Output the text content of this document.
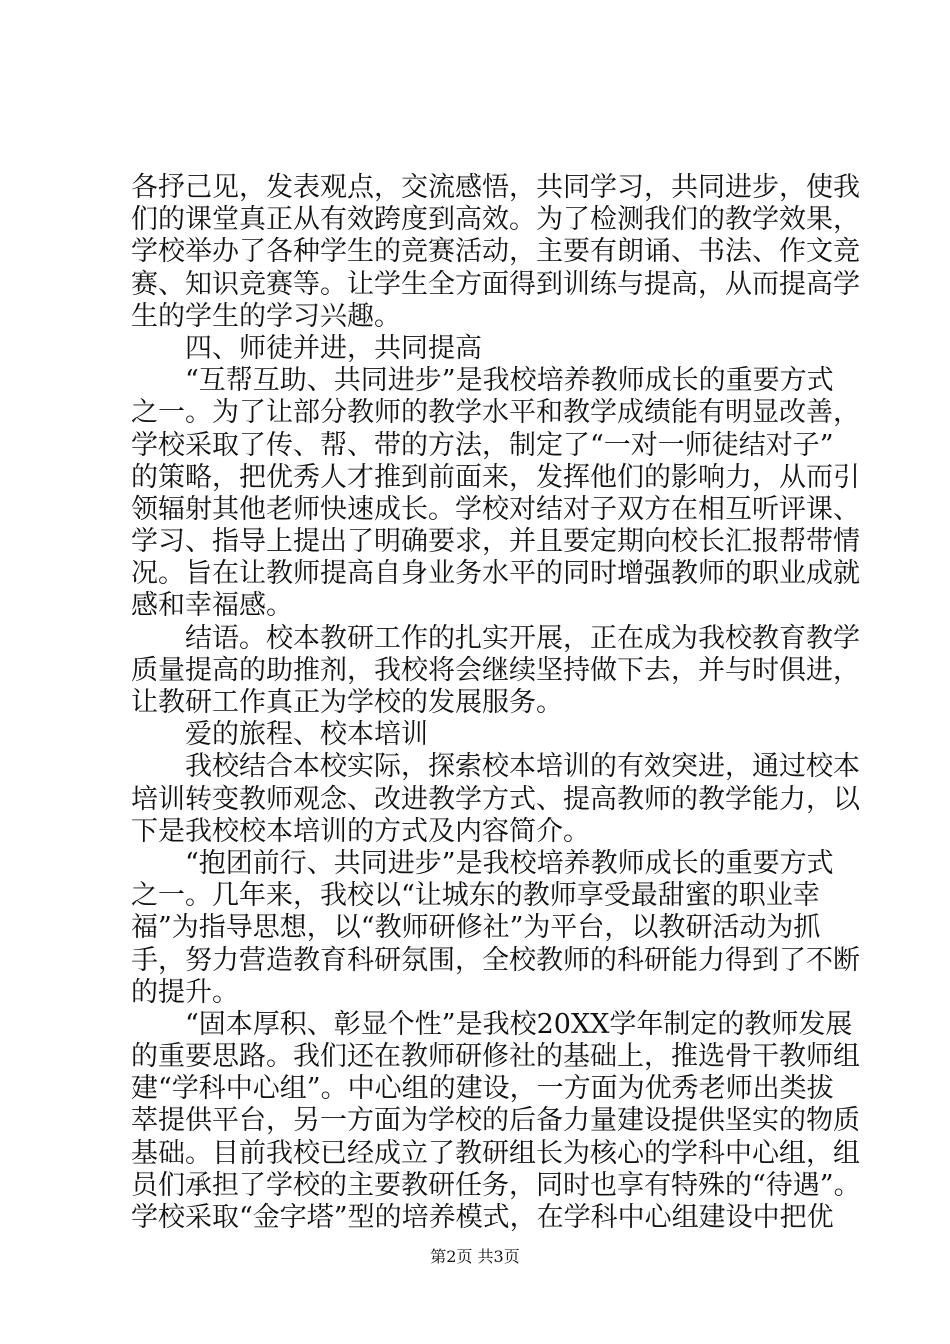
各抒己见，发表观点，交流感悟，共同学习，共同进步，使我
们的课堂真正从有效跨度到高效。为了检测我们的教学效果，
学校举办了各种学生的竞赛活动，主要有朗诵、书法、作文竞
赛、知识竞赛等。让学生全方面得到训练与提高，从而提高学
生的学生的学习兴趣。
　　四、师徒并进，共同提高
　　“互帮互助、共同进步”是我校培养教师成长的重要方式
之一。为了让部分教师的教学水平和教学成绩能有明显改善，
学校采取了传、帮、带的方法，制定了“一对一师徒结对子”
的策略，把优秀人才推到前面来，发挥他们的影响力，从而引
领辐射其他老师快速成长。学校对结对子双方在相互听评课、
学习、指导上提出了明确要求，并且要定期向校长汇报帮带情
况。旨在让教师提高自身业务水平的同时增强教师的职业成就
感和幸福感。
　　结语。校本教研工作的扎实开展，正在成为我校教育教学
质量提高的助推剂，我校将会继续坚持做下去，并与时俱进，
让教研工作真正为学校的发展服务。
　　爱的旅程、校本培训
　　我校结合本校实际，探索校本培训的有效突进，通过校本
培训转变教师观念、改进教学方式、提高教师的教学能力，以
下是我校校本培训的方式及内容简介。
　　“抱团前行、共同进步”是我校培养教师成长的重要方式
之一。几年来，我校以“让城东的教师享受最甜蜜的职业幸
福”为指导思想，以“教师研修社”为平台，以教研活动为抓
手，努力营造教育科研氛围，全校教师的科研能力得到了不断
的提升。
　　“固本厚积、彰显个性”是我校20XX学年制定的教师发展
的重要思路。我们还在教师研修社的基础上，推选骨干教师组
建“学科中心组”。中心组的建设，一方面为优秀老师出类拔
萃提供平台，另一方面为学校的后备力量建设提供坚实的物质
基础。目前我校已经成立了教研组长为核心的学科中心组，组
员们承担了学校的主要教研任务，同时也享有特殊的“待遇”。
学校采取“金字塔”型的培养模式，在学科中心组建设中把优
第2页 共3页
